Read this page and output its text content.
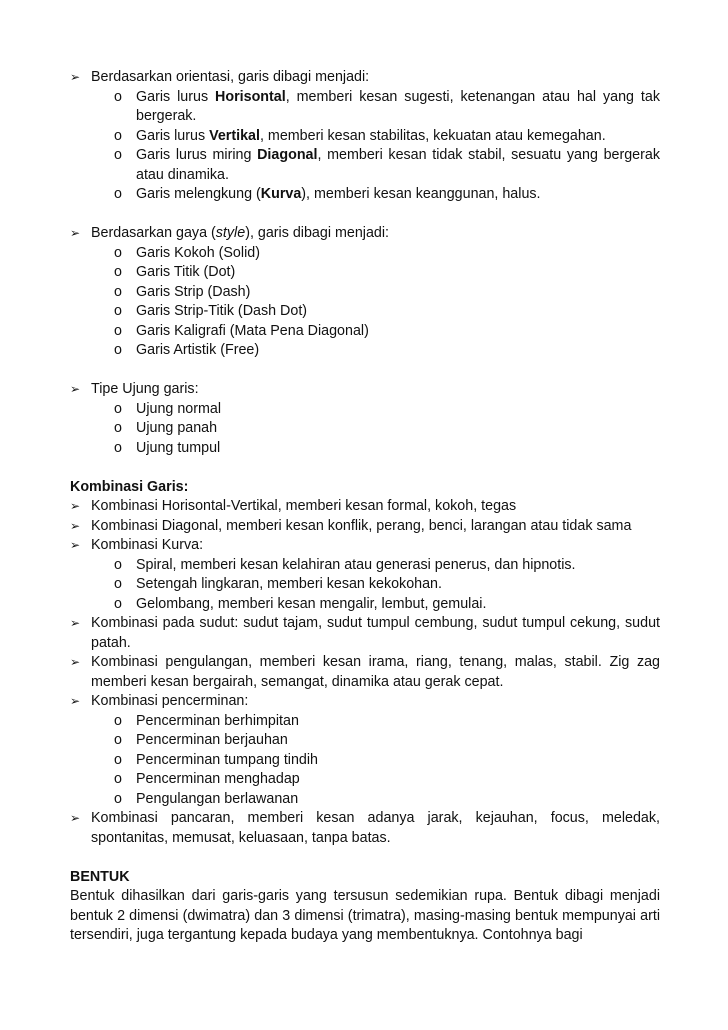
➢ Berdasarkan orientasi, garis dibagi menjadi:
o Garis lurus Horisontal, memberi kesan sugesti, ketenangan atau hal yang tak bergerak.
o Garis lurus Vertikal, memberi kesan stabilitas, kekuatan atau kemegahan.
o Garis lurus miring Diagonal, memberi kesan tidak stabil, sesuatu yang bergerak atau dinamika.
o Garis melengkung (Kurva), memberi kesan keanggunan, halus.
➢ Berdasarkan gaya (style), garis dibagi menjadi:
o Garis Kokoh (Solid)
o Garis Titik (Dot)
o Garis Strip (Dash)
o Garis Strip-Titik (Dash Dot)
o Garis Kaligrafi (Mata Pena Diagonal)
o Garis Artistik (Free)
➢ Tipe Ujung garis:
o Ujung normal
o Ujung panah
o Ujung tumpul
Kombinasi Garis:
➢ Kombinasi Horisontal-Vertikal, memberi kesan formal, kokoh, tegas
➢ Kombinasi Diagonal, memberi kesan konflik, perang, benci, larangan atau tidak sama
➢ Kombinasi Kurva:
o Spiral, memberi kesan kelahiran atau generasi penerus, dan hipnotis.
o Setengah lingkaran, memberi kesan kekokohan.
o Gelombang, memberi kesan mengalir, lembut, gemulai.
➢ Kombinasi pada sudut: sudut tajam, sudut tumpul cembung, sudut tumpul cekung, sudut patah.
➢ Kombinasi pengulangan, memberi kesan irama, riang, tenang, malas, stabil. Zig zag memberi kesan bergairah, semangat, dinamika atau gerak cepat.
➢ Kombinasi pencerminan:
o Pencerminan berhimpitan
o Pencerminan berjauhan
o Pencerminan tumpang tindih
o Pencerminan menghadap
o Pengulangan berlawanan
➢ Kombinasi pancaran, memberi kesan adanya jarak, kejauhan, focus, meledak, spontanitas, memusat, keluasaan, tanpa batas.
BENTUK
Bentuk dihasilkan dari garis-garis yang tersusun sedemikian rupa. Bentuk dibagi menjadi bentuk 2 dimensi (dwimatra) dan 3 dimensi (trimatra), masing-masing bentuk mempunyai arti tersendiri, juga tergantung kepada budaya yang membentuknya. Contohnya bagi
